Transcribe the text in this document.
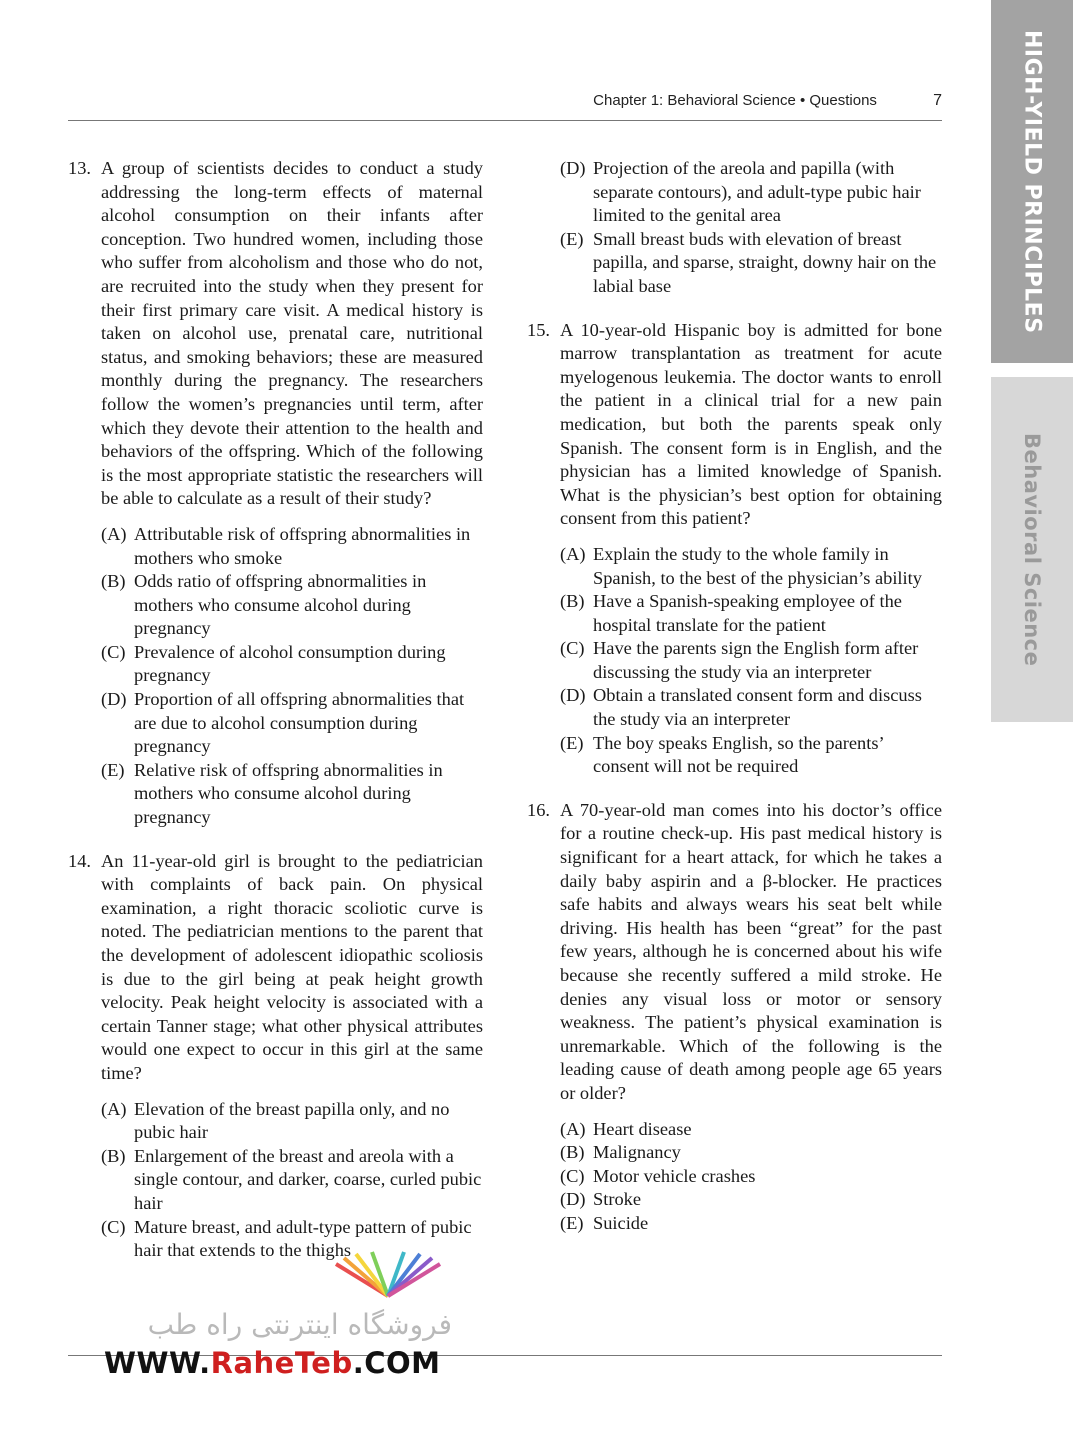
Chapter 1: Behavioral Science • Questions	7	HIGH-YIELD PRINCIPLES
Behavioral Science
13. A group of scientists decides to conduct a study addressing the long-term effects of maternal alcohol consumption on their infants after conception. Two hundred women, including those who suffer from alcoholism and those who do not, are recruited into the study when they present for their first primary care visit. A medical history is taken on alcohol use, prenatal care, nutritional status, and smoking behaviors; these are measured monthly during the pregnancy. The researchers follow the women’s pregnancies until term, after which they devote their attention to the health and behaviors of the offspring. Which of the following is the most appropriate statistic the researchers will be able to calculate as a result of their study?

(A) Attributable risk of offspring abnormalities in mothers who smoke
(B) Odds ratio of offspring abnormalities in mothers who consume alcohol during pregnancy
(C) Prevalence of alcohol consumption during pregnancy
(D) Proportion of all offspring abnormalities that are due to alcohol consumption during pregnancy
(E) Relative risk of offspring abnormalities in mothers who consume alcohol during pregnancy
14. An 11-year-old girl is brought to the pediatrician with complaints of back pain. On physical examination, a right thoracic scoliotic curve is noted. The pediatrician mentions to the parent that the development of adolescent idiopathic scoliosis is due to the girl being at peak height growth velocity. Peak height velocity is associated with a certain Tanner stage; what other physical attributes would one expect to occur in this girl at the same time?

(A) Elevation of the breast papilla only, and no pubic hair
(B) Enlargement of the breast and areola with a single contour, and darker, coarse, curled pubic hair
(C) Mature breast, and adult-type pattern of pubic hair that extends to the thighs
(D) Projection of the areola and papilla (with separate contours), and adult-type pubic hair limited to the genital area
(E) Small breast buds with elevation of breast papilla, and sparse, straight, downy hair on the labial base
15. A 10-year-old Hispanic boy is admitted for bone marrow transplantation as treatment for acute myelogenous leukemia. The doctor wants to enroll the patient in a clinical trial for a new pain medication, but both the parents speak only Spanish. The consent form is in English, and the physician has a limited knowledge of Spanish. What is the physician’s best option for obtaining consent from this patient?

(A) Explain the study to the whole family in Spanish, to the best of the physician’s ability
(B) Have a Spanish-speaking employee of the hospital translate for the patient
(C) Have the parents sign the English form after discussing the study via an interpreter
(D) Obtain a translated consent form and discuss the study via an interpreter
(E) The boy speaks English, so the parents’ consent will not be required
16. A 70-year-old man comes into his doctor’s office for a routine check-up. His past medical history is significant for a heart attack, for which he takes a daily baby aspirin and a β-blocker. He practices safe habits and always wears his seat belt while driving. His health has been “great” for the past few years, although he is concerned about his wife because she recently suffered a mild stroke. He denies any visual loss or motor or sensory weakness. The patient’s physical examination is unremarkable. Which of the following is the leading cause of death among people age 65 years or older?

(A) Heart disease
(B) Malignancy
(C) Motor vehicle crashes
(D) Stroke
(E) Suicide
فروشگاه اینترنتی راه طب
WWW.RaheTeb.COM
